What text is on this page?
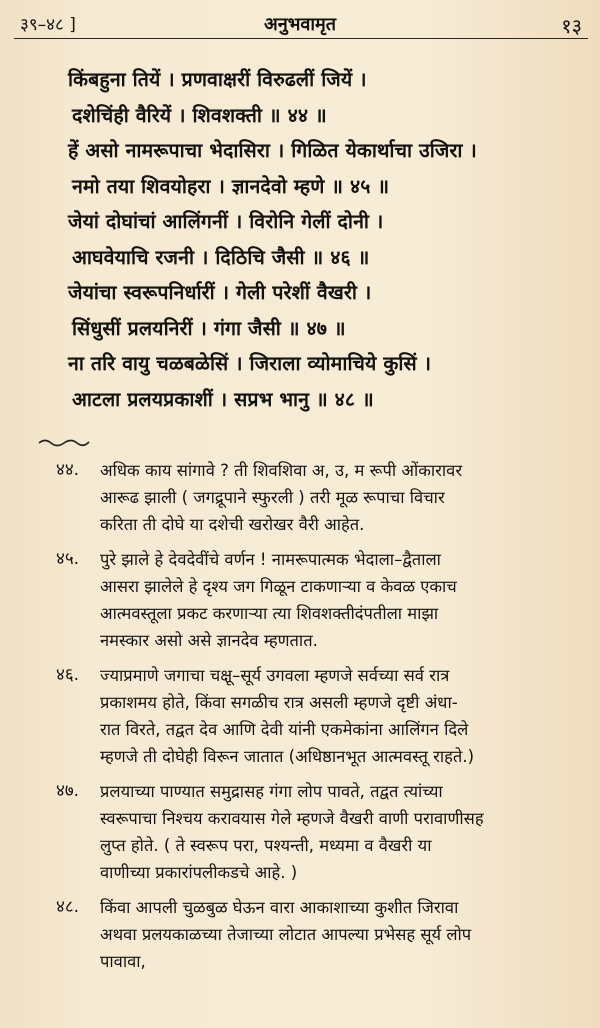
३९–४८ ]	अनुभवामृत	१३
किंबहुना तियें । प्रणवाक्षरीं विरुढलीं जियें ।
दशेचिंही वैरियें । शिवशक्ती ॥ ४४ ॥
हें असो नामरूपाचा भेदासिरा । गिळित येकार्थाचा उजिरा ।
नमो तया शिवयोहरा । ज्ञानदेवो म्हणे ॥ ४५ ॥
जेयां दोघांचां आलिंगनीं । विरोनि गेलीं दोनी ।
आघवेयाचि रजनी । दिठिचि जैसी ॥ ४६ ॥
जेयांचा स्वरूपनिर्धारीं । गेली परेशीं वैखरी ।
सिंधुसीं प्रलयनिरीं । गंगा जैसी ॥ ४७ ॥
ना तरि वायु चळबळेसिं । जिराला व्योमाचिये कुसिं ।
आटला प्रलयप्रकाशीं । सप्रभ भानु ॥ ४८ ॥
४४. अधिक काय सांगावे ? ती शिवशिवा अ, उ, म रूपी ओंकारावर
आरूढ झाली ( जगद्रूपाने स्फुरली ) तरी मूळ रूपाचा विचार
करिता ती दोघे या दशेची खरोखर वैरी आहेत.
४५. पुरे झाले हे देवदेवींचे वर्णन ! नामरूपात्मक भेदाला–द्वैताला
आसरा झालेले हे दृश्य जग गिळून टाकणाऱ्या व केवळ एकाच
आत्मवस्तूला प्रकट करणाऱ्या त्या शिवशक्तीदंपतीला माझा
नमस्कार असो असे ज्ञानदेव म्हणतात.
४६. ज्याप्रमाणे जगाचा चक्षू–सूर्य उगवला म्हणजे सर्वच्या सर्व रात्र
प्रकाशमय होते, किंवा सगळीच रात्र असली म्हणजे दृष्टी अंधा-
रात विरते, तद्वत देव आणि देवी यांनी एकमेकांना आलिंगन दिले
म्हणजे ती दोघेही विरून जातात (अधिष्ठानभूत आत्मवस्तू राहते.)
४७. प्रलयाच्या पाण्यात समुद्रासह गंगा लोप पावते, तद्वत त्यांच्या
स्वरूपाचा निश्चय करावयास गेले म्हणजे वैखरी वाणी परावाणीसह
लुप्त होते. ( ते स्वरूप परा, पश्यन्ती, मध्यमा व वैखरी या
वाणीच्या प्रकारांपलीकडचे आहे. )
४८. किंवा आपली चुळबुळ घेऊन वारा आकाशाच्या कुशीत जिरावा
अथवा प्रलयकाळच्या तेजाच्या लोटात आपल्या प्रभेसह सूर्य लोप
पावावा,
